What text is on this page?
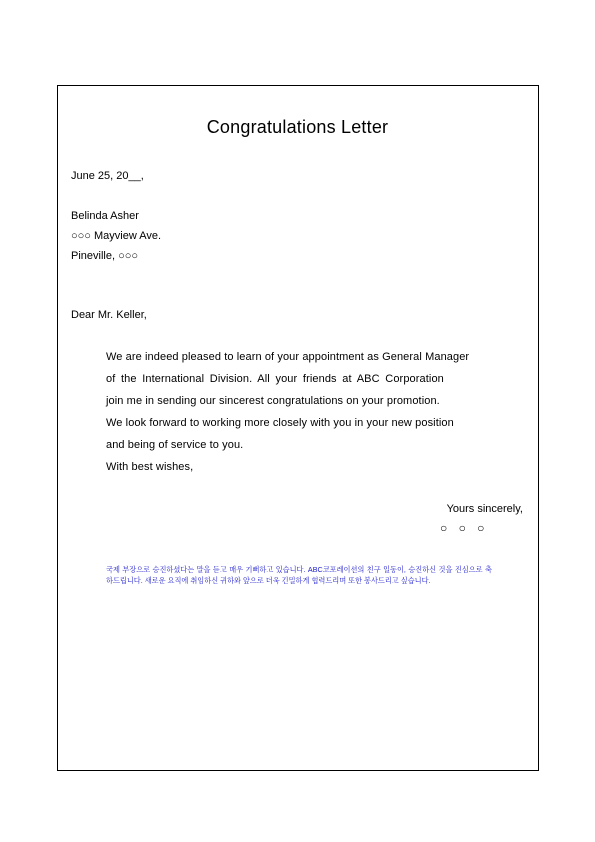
Congratulations Letter
June 25, 20__,
Belinda Asher
○○○ Mayview Ave.
Pineville, ○○○
Dear Mr. Keller,
We are indeed pleased to learn of your appointment as General Manager
of the International Division. All your friends at ABC Corporation
join me in sending our sincerest congratulations on your promotion.
We look forward to working more closely with you in your new position
and being of service to you.
With best wishes,
Yours sincerely,
○ ○ ○
국제 부장으로 승진하셨다는 말을 듣고 매우 기뻐하고 있습니다. ABC코포레이션의 친구 일동이, 승진하신 것을 진심으로 축하드립니다. 새로운 요직에 취임하신 귀하와 앞으로 더욱 긴밀하게 협력드리며 또한 봉사드리고 싶습니다.
